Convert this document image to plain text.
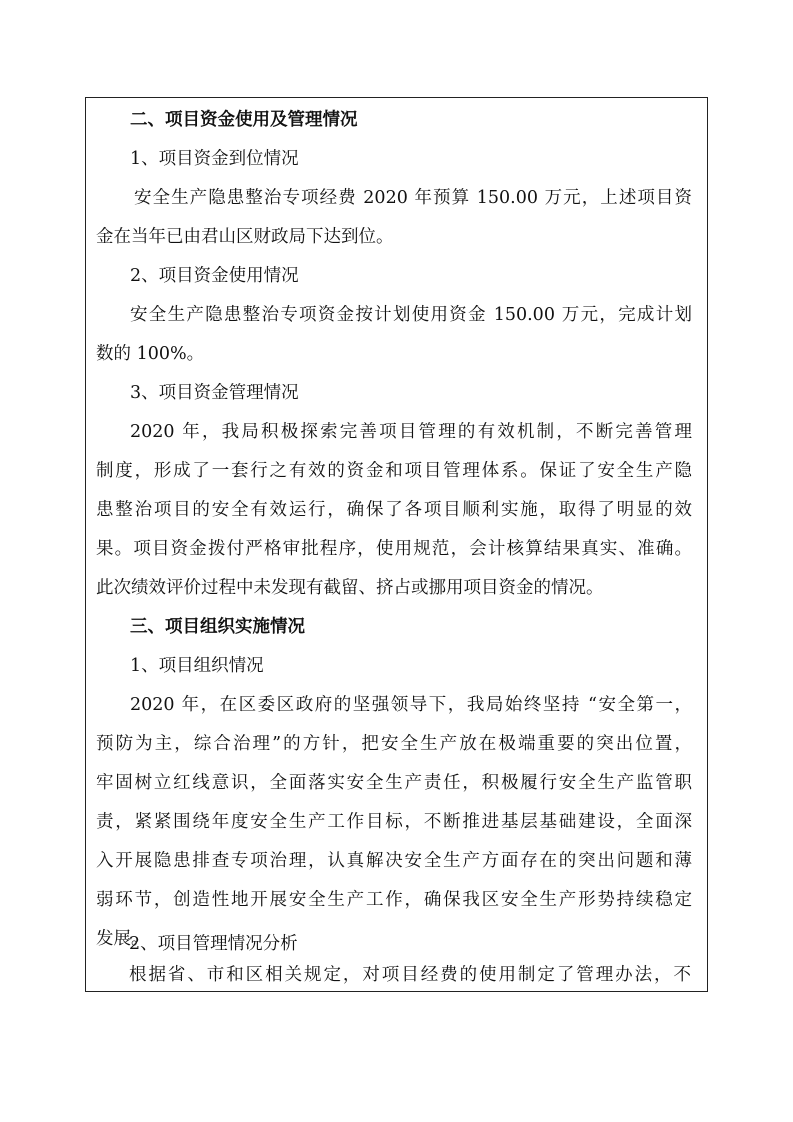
二、项目资金使用及管理情况
1、项目资金到位情况
安全生产隐患整治专项经费 2020 年预算 150.00 万元，上述项目资
金在当年已由君山区财政局下达到位。
2、项目资金使用情况
安全生产隐患整治专项资金按计划使用资金 150.00 万元，完成计划
数的 100%。
3、项目资金管理情况
2020 年，我局积极探索完善项目管理的有效机制，不断完善管理
制度，形成了一套行之有效的资金和项目管理体系。保证了安全生产隐
患整治项目的安全有效运行，确保了各项目顺利实施，取得了明显的效
果。项目资金拨付严格审批程序，使用规范，会计核算结果真实、准确。
此次绩效评价过程中未发现有截留、挤占或挪用项目资金的情况。
三、项目组织实施情况
1、项目组织情况
2020 年，在区委区政府的坚强领导下，我局始终坚持 “安全第一，
预防为主，综合治理”的方针，把安全生产放在极端重要的突出位置，
牢固树立红线意识，全面落实安全生产责任，积极履行安全生产监管职
责，紧紧围绕年度安全生产工作目标，不断推进基层基础建设，全面深
入开展隐患排查专项治理，认真解决安全生产方面存在的突出问题和薄
弱环节，创造性地开展安全生产工作，确保我区安全生产形势持续稳定
发展。
2、项目管理情况分析
根据省、市和区相关规定，对项目经费的使用制定了管理办法，不
